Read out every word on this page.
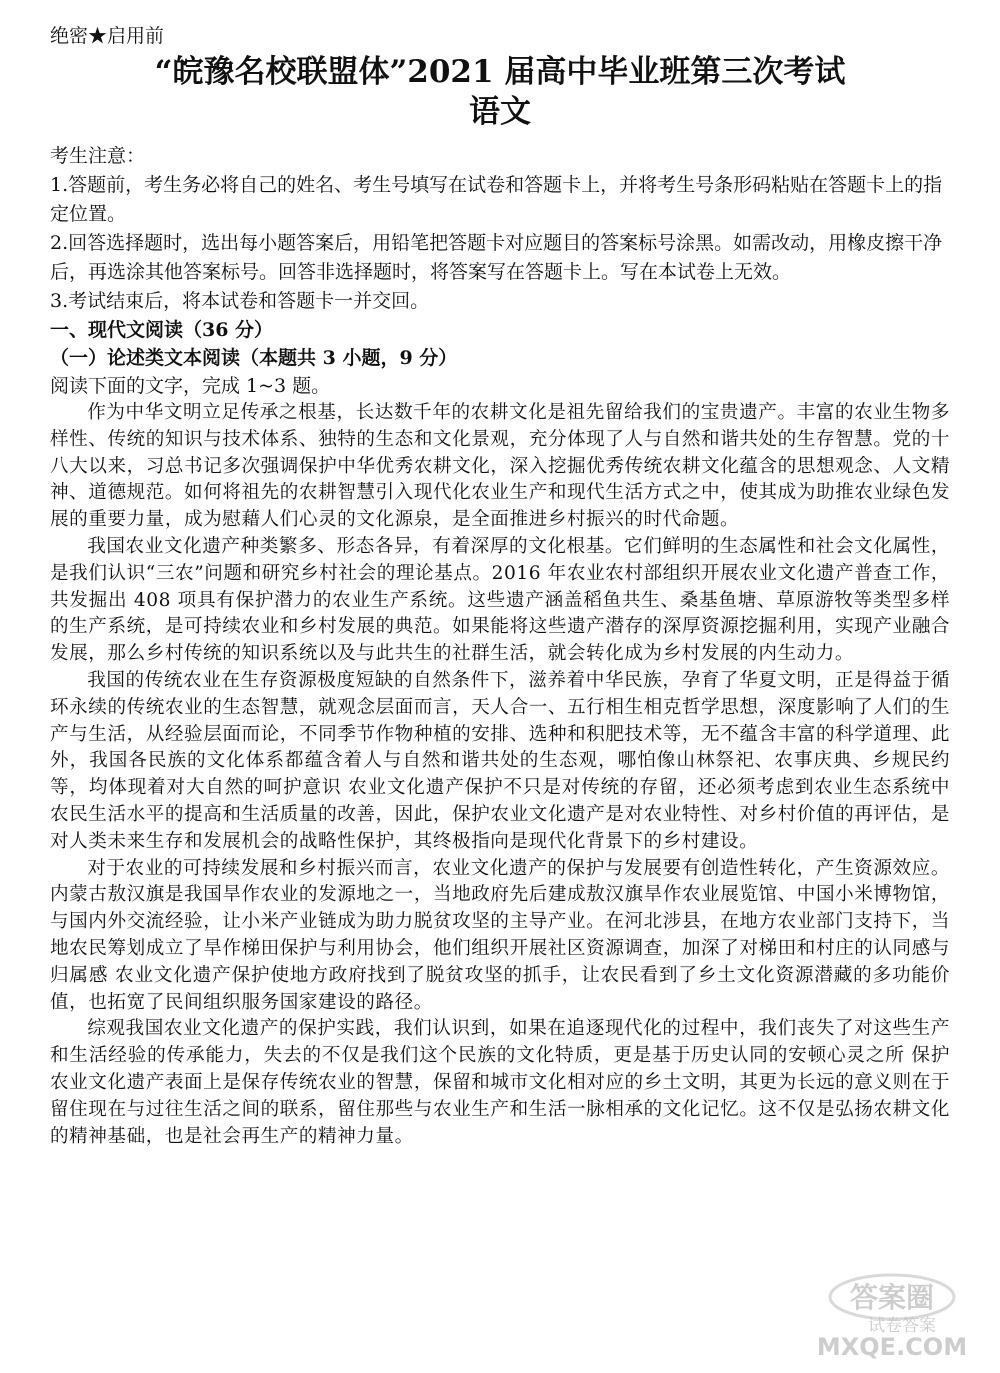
绝密★启用前
“皖豫名校联盟体”2021 届高中毕业班第三次考试
语文

考生注意：

1.答题前，考生务必将自己的姓名、考生号填写在试卷和答题卡上，并将考生号条形码粘贴在答题卡上的指定位置。

2.回答选择题时，选出每小题答案后，用铅笔把答题卡对应题目的答案标号涂黑。如需改动，用橡皮擦干净后，再选涂其他答案标号。回答非选择题时，将答案写在答题卡上。写在本试卷上无效。

3.考试结束后，将本试卷和答题卡一并交回。

一、现代文阅读（36 分）

（一）论述类文本阅读（本题共 3 小题，9 分）

阅读下面的文字，完成 1~3 题。

作为中华文明立足传承之根基，长达数千年的农耕文化是祖先留给我们的宝贵遗产。丰富的农业生物多样性、传统的知识与技术体系、独特的生态和文化景观，充分体现了人与自然和谐共处的生存智慧。党的十八大以来，习总书记多次强调保护中华优秀农耕文化，深入挖掘优秀传统农耕文化蕴含的思想观念、人文精神、道德规范。如何将祖先的农耕智慧引入现代化农业生产和现代生活方式之中，使其成为助推农业绿色发展的重要力量，成为慰藉人们心灵的文化源泉，是全面推进乡村振兴的时代命题。

我国农业文化遗产种类繁多、形态各异，有着深厚的文化根基。它们鲜明的生态属性和社会文化属性，是我们认识“三农”问题和研究乡村社会的理论基点。2016 年农业农村部组织开展农业文化遗产普查工作，共发掘出 408 项具有保护潜力的农业生产系统。这些遗产涵盖稻鱼共生、桑基鱼塘、草原游牧等类型多样的生产系统，是可持续农业和乡村发展的典范。如果能将这些遗产潜存的深厚资源挖掘利用，实现产业融合发展，那么乡村传统的知识系统以及与此共生的社群生活，就会转化成为乡村发展的内生动力。

我国的传统农业在生存资源极度短缺的自然条件下，滋养着中华民族，孕育了华夏文明，正是得益于循环永续的传统农业的生态智慧，就观念层面而言，天人合一、五行相生相克哲学思想，深度影响了人们的生产与生活，从经验层面而论，不同季节作物种植的安排、选种和积肥技术等，无不蕴含丰富的科学道理、此外，我国各民族的文化体系都蕴含着人与自然和谐共处的生态观，哪怕像山林祭祀、农事庆典、乡规民约等，均体现着对大自然的呵护意识 农业文化遗产保护不只是对传统的存留，还必须考虑到农业生态系统中农民生活水平的提高和生活质量的改善，因此，保护农业文化遗产是对农业特性、对乡村价值的再评估，是对人类未来生存和发展机会的战略性保护，其终极指向是现代化背景下的乡村建设。

对于农业的可持续发展和乡村振兴而言，农业文化遗产的保护与发展要有创造性转化，产生资源效应。内蒙古敖汉旗是我国旱作农业的发源地之一，当地政府先后建成敖汉旗旱作农业展览馆、中国小米博物馆，与国内外交流经验，让小米产业链成为助力脱贫攻坚的主导产业。在河北涉县，在地方农业部门支持下，当地农民筹划成立了旱作梯田保护与利用协会，他们组织开展社区资源调查，加深了对梯田和村庄的认同感与归属感 农业文化遗产保护使地方政府找到了脱贫攻坚的抓手，让农民看到了乡土文化资源潜藏的多功能价值，也拓宽了民间组织服务国家建设的路径。

综观我国农业文化遗产的保护实践，我们认识到，如果在追逐现代化的过程中，我们丧失了对这些生产和生活经验的传承能力，失去的不仅是我们这个民族的文化特质，更是基于历史认同的安顿心灵之所 保护农业文化遗产表面上是保存传统农业的智慧，保留和城市文化相对应的乡土文明，其更为长远的意义则在于留住现在与过往生活之间的联系，留住那些与农业生产和生活一脉相承的文化记忆。这不仅是弘扬农耕文化的精神基础，也是社会再生产的精神力量。

答案圈
试卷答案
MXQE.COM
